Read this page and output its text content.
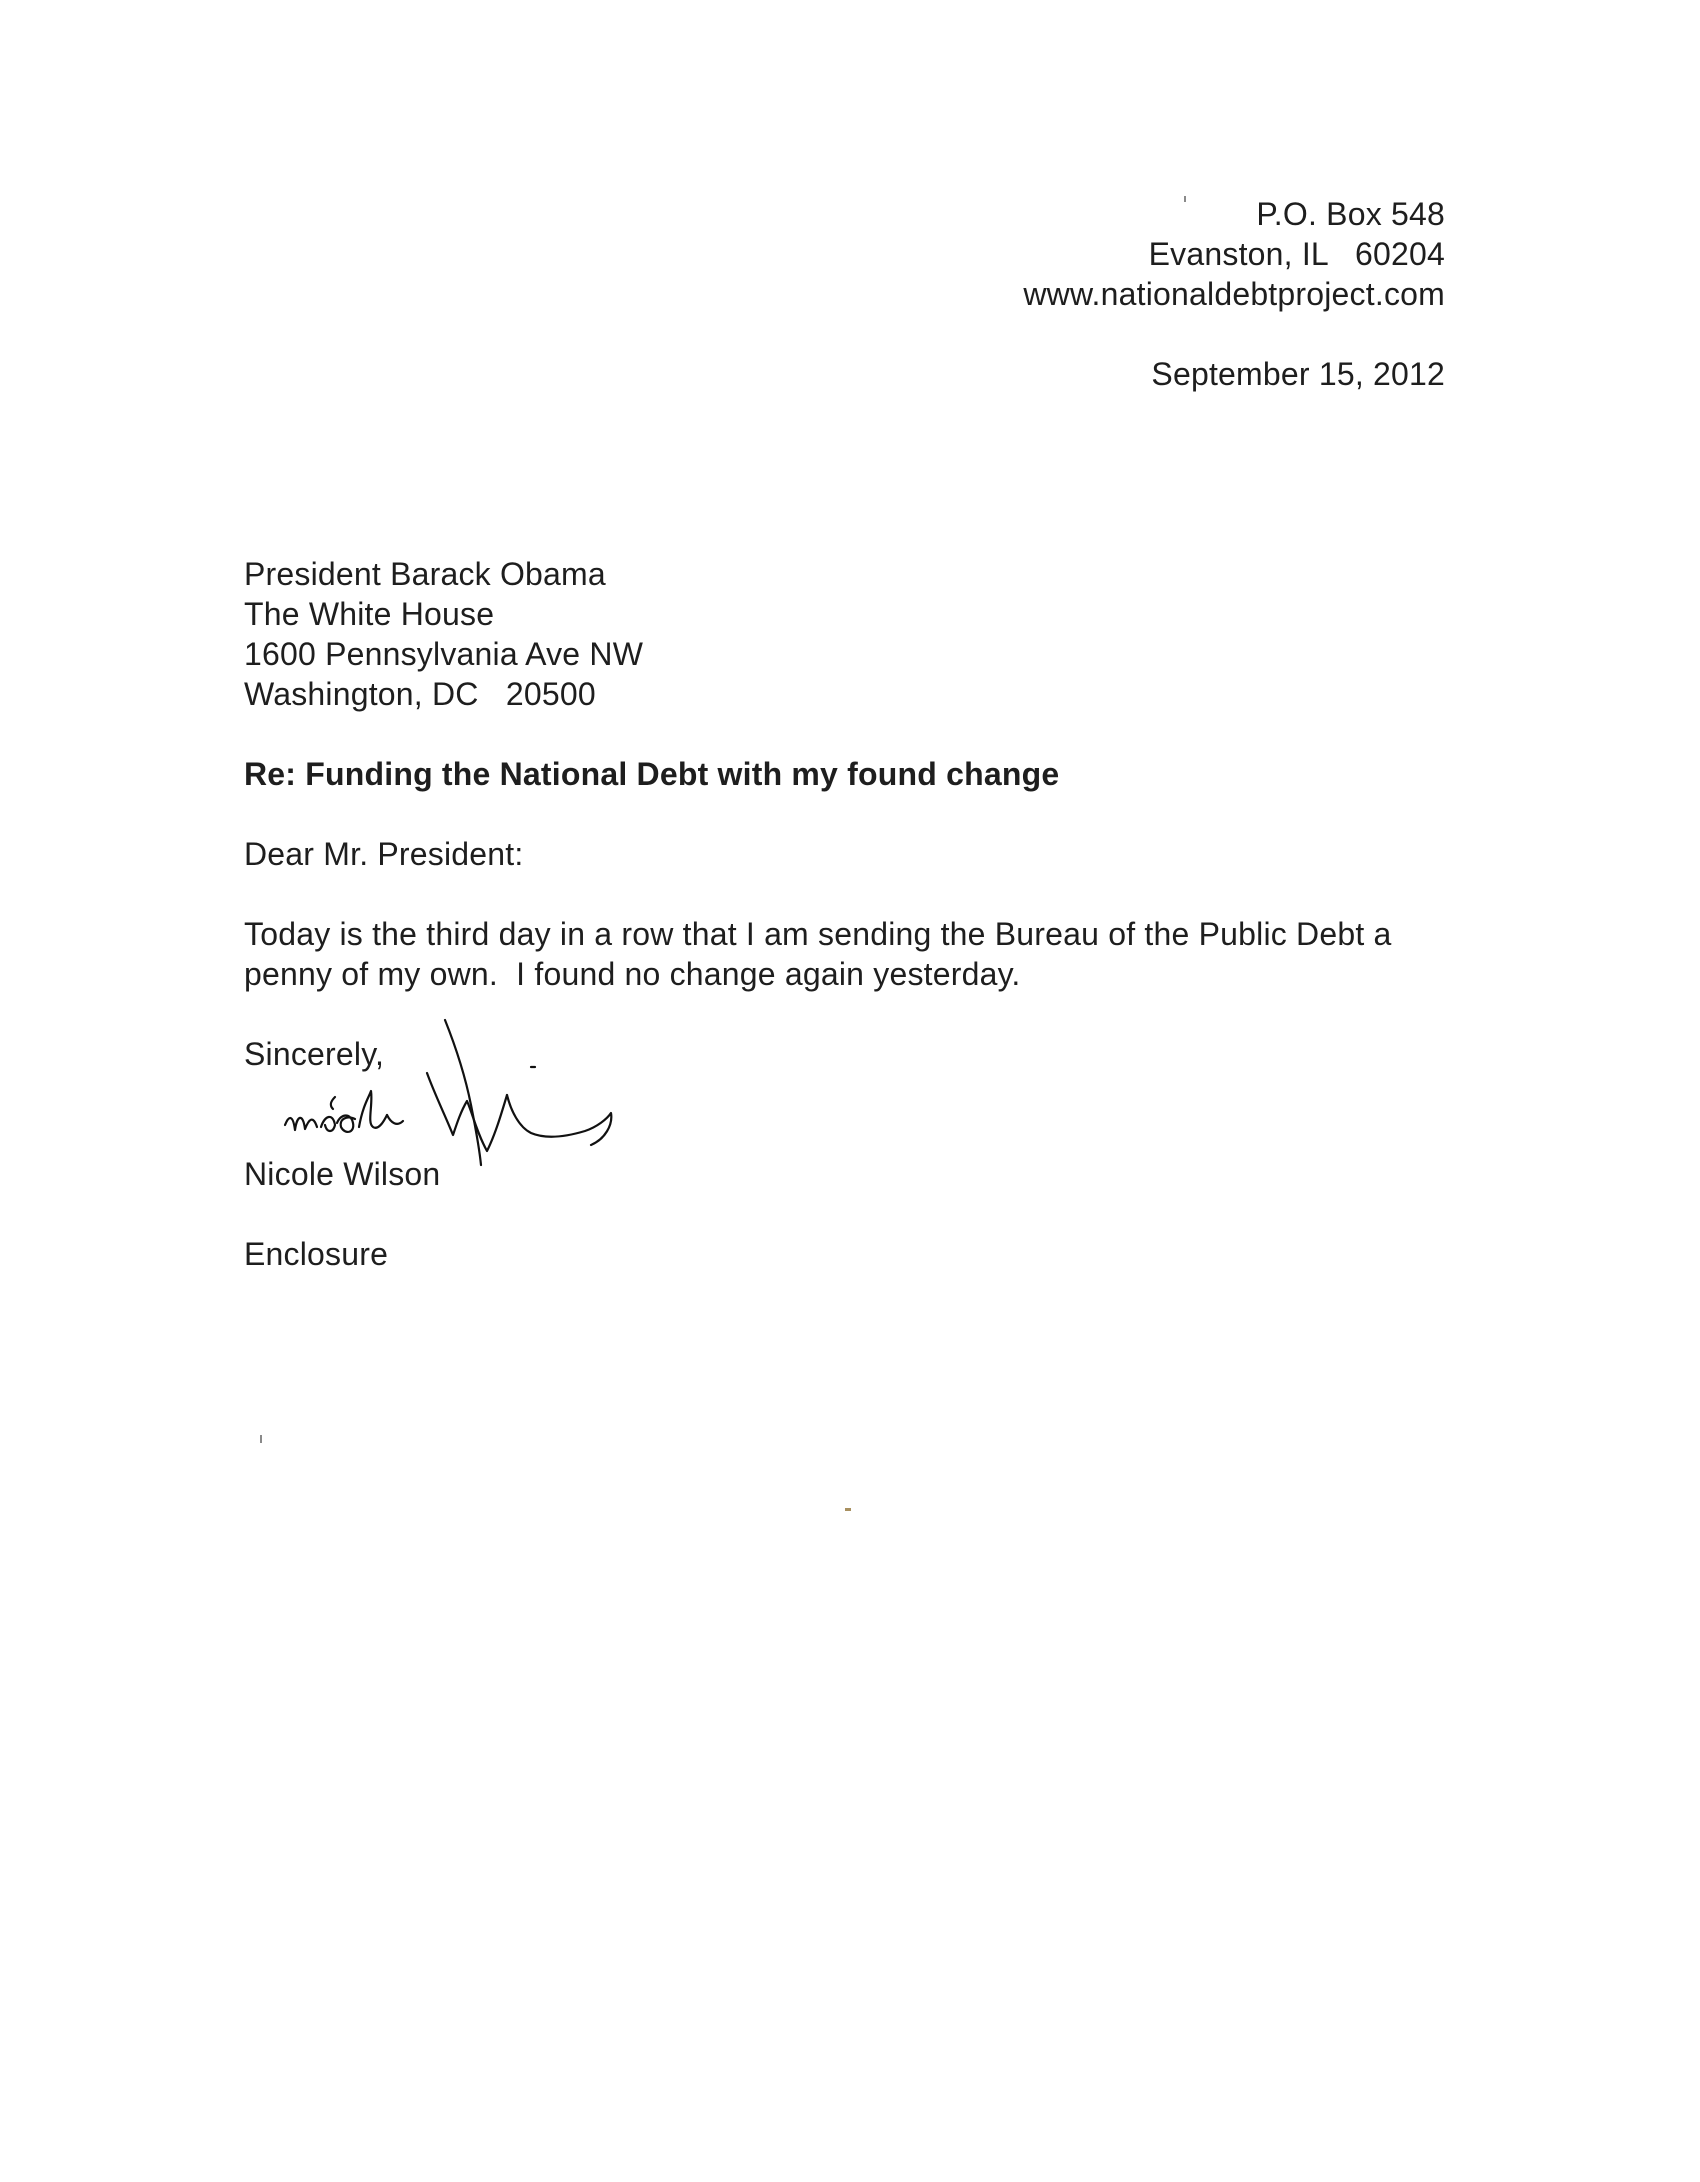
P.O. Box 548
Evanston, IL   60204
www.nationaldebtproject.com
September 15, 2012
President Barack Obama
The White House
1600 Pennsylvania Ave NW
Washington, DC   20500
Re: Funding the National Debt with my found change
Dear Mr. President:
Today is the third day in a row that I am sending the Bureau of the Public Debt a
penny of my own.  I found no change again yesterday.
Sincerely,
Nicole Wilson
Enclosure
